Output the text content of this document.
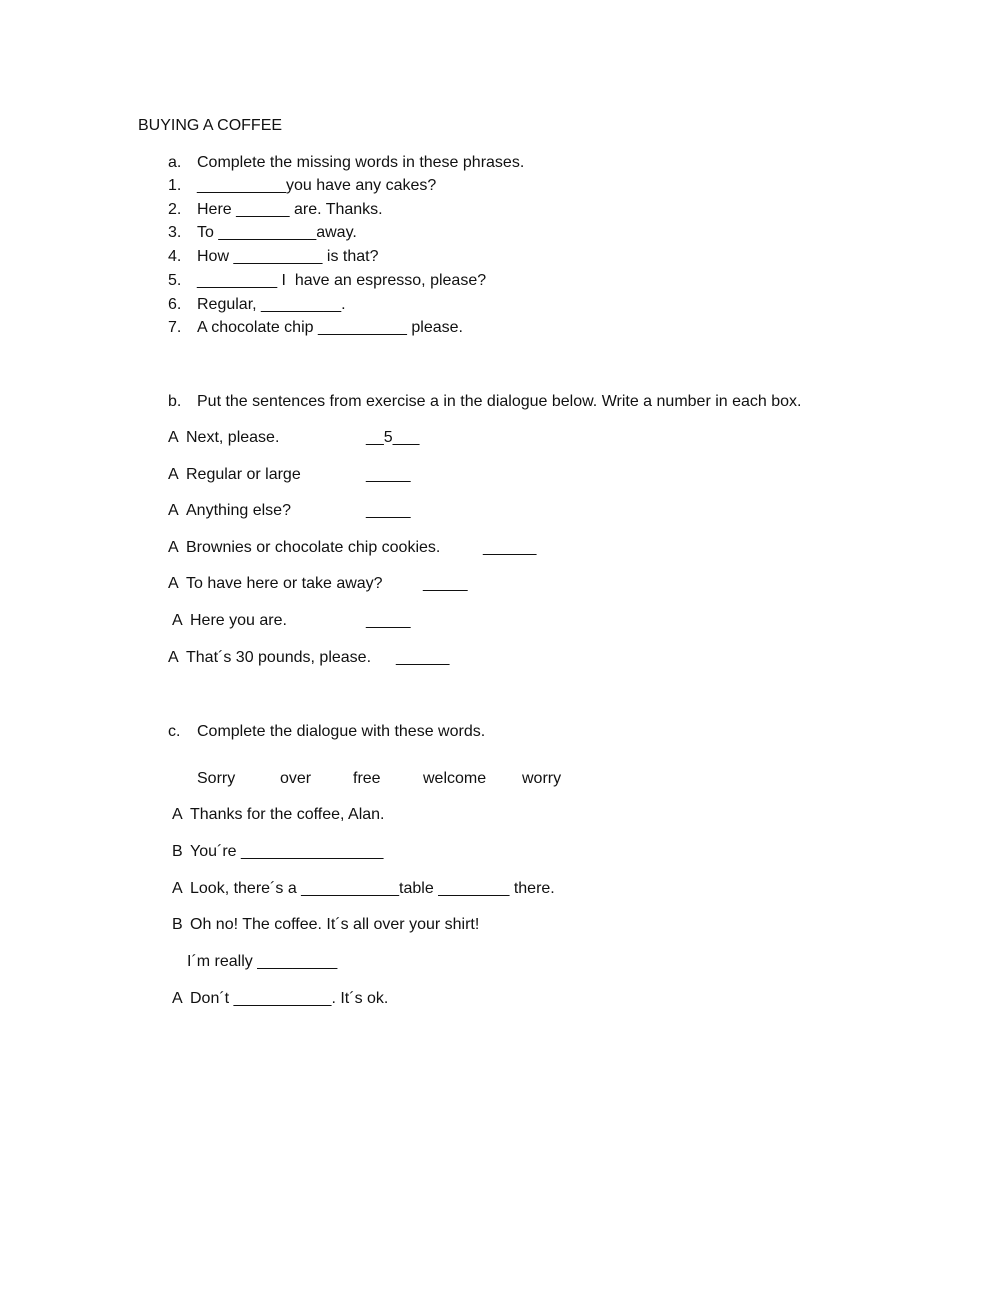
BUYING A COFFEE
a. Complete the missing words in these phrases.
1. __________you have any cakes?
2. Here ______ are. Thanks.
3. To ___________away.
4. How __________ is that?
5. _________ I  have an espresso, please?
6. Regular, _________.
7. A chocolate chip __________ please.
b. Put the sentences from exercise a in the dialogue below. Write a number in each box.
A Next, please.	__5___
A Regular or large	_____
A Anything else?	_____
A Brownies or chocolate chip cookies.	______
A To have here or take away?	_____
A Here you are.	_____
A That´s 30 pounds, please. ______
c. Complete the dialogue with these words.
Sorry	over	free	welcome worry
A Thanks for the coffee, Alan.
B You´re ________________
A Look, there´s a ___________table ________ there.
B Oh no! The coffee. It´s all over your shirt!
I´m really _________
A Don´t ___________. It´s ok.
